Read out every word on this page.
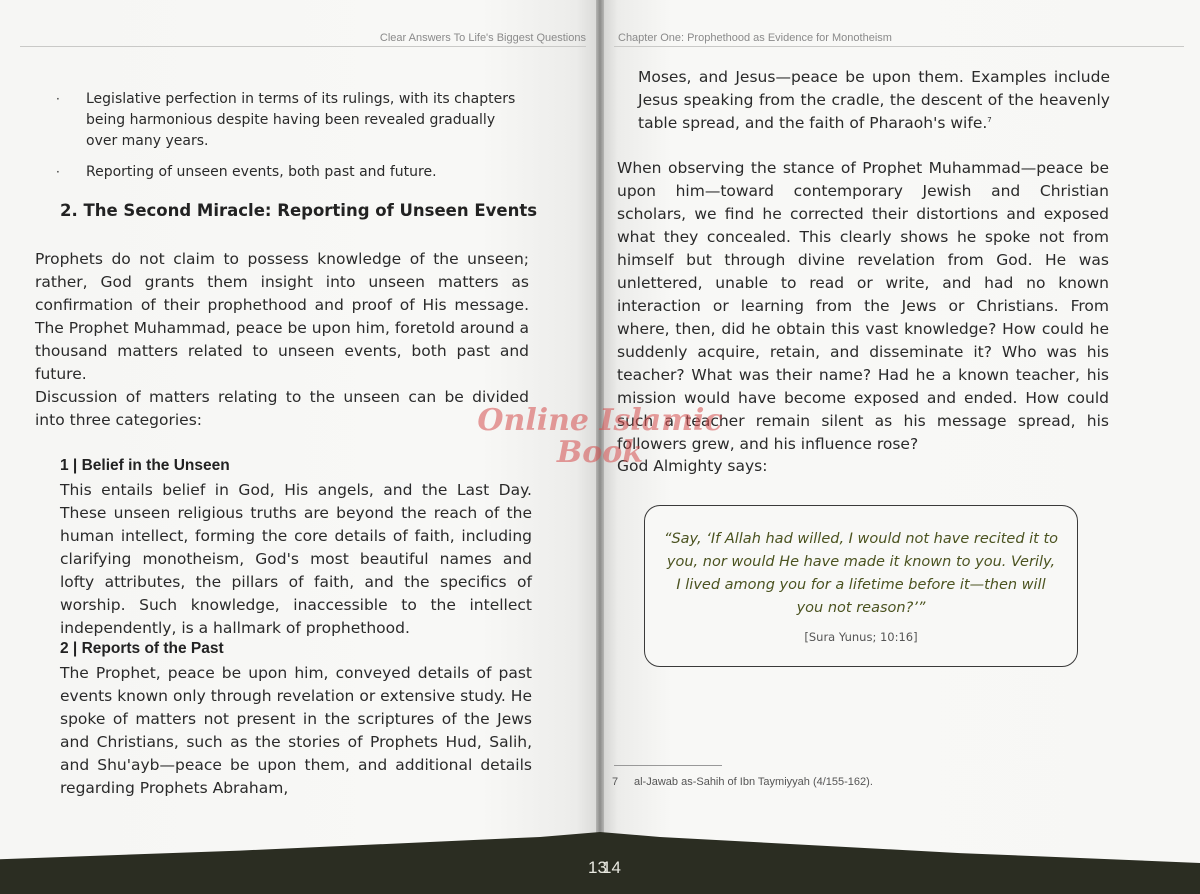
Clear Answers To Life's Biggest Questions
· Legislative perfection in terms of its rulings, with its chapters being harmonious despite having been revealed gradually over many years.
· Reporting of unseen events, both past and future.
2. The Second Miracle: Reporting of Unseen Events
Prophets do not claim to possess knowledge of the unseen; rather, God grants them insight into unseen matters as confirmation of their prophethood and proof of His message. The Prophet Muhammad, peace be upon him, foretold around a thousand matters related to unseen events, both past and future.
Discussion of matters relating to the unseen can be divided into three categories:
1 | Belief in the Unseen
This entails belief in God, His angels, and the Last Day. These unseen religious truths are beyond the reach of the human intellect, forming the core details of faith, including clarifying monotheism, God's most beautiful names and lofty attributes, the pillars of faith, and the specifics of worship. Such knowledge, inaccessible to the intellect independently, is a hallmark of prophethood.
2 | Reports of the Past
The Prophet, peace be upon him, conveyed details of past events known only through revelation or extensive study. He spoke of matters not present in the scriptures of the Jews and Christians, such as the stories of Prophets Hud, Salih, and Shu'ayb—peace be upon them, and additional details regarding Prophets Abraham,
Chapter One: Prophethood as Evidence for Monotheism
Moses, and Jesus—peace be upon them. Examples include Jesus speaking from the cradle, the descent of the heavenly table spread, and the faith of Pharaoh's wife.$^7$
When observing the stance of Prophet Muhammad—peace be upon him—toward contemporary Jewish and Christian scholars, we find he corrected their distortions and exposed what they concealed. This clearly shows he spoke not from himself but through divine revelation from God. He was unlettered, unable to read or write, and had no known interaction or learning from the Jews or Christians. From where, then, did he obtain this vast knowledge? How could he suddenly acquire, retain, and disseminate it? Who was his teacher? What was their name? Had he a known teacher, his mission would have become exposed and ended. How could such a teacher remain silent as his message spread, his followers grew, and his influence rose?
God Almighty says:
“Say, ‘If Allah had willed, I would not have recited it to you, nor would He have made it known to you. Verily, I lived among you for a lifetime before it—then will you not reason?’”
[Sura Yunus; 10:16]
7 al-Jawab as-Sahih of Ibn Taymiyyah (4/155-162).
13
14
Online Islamic
Book
